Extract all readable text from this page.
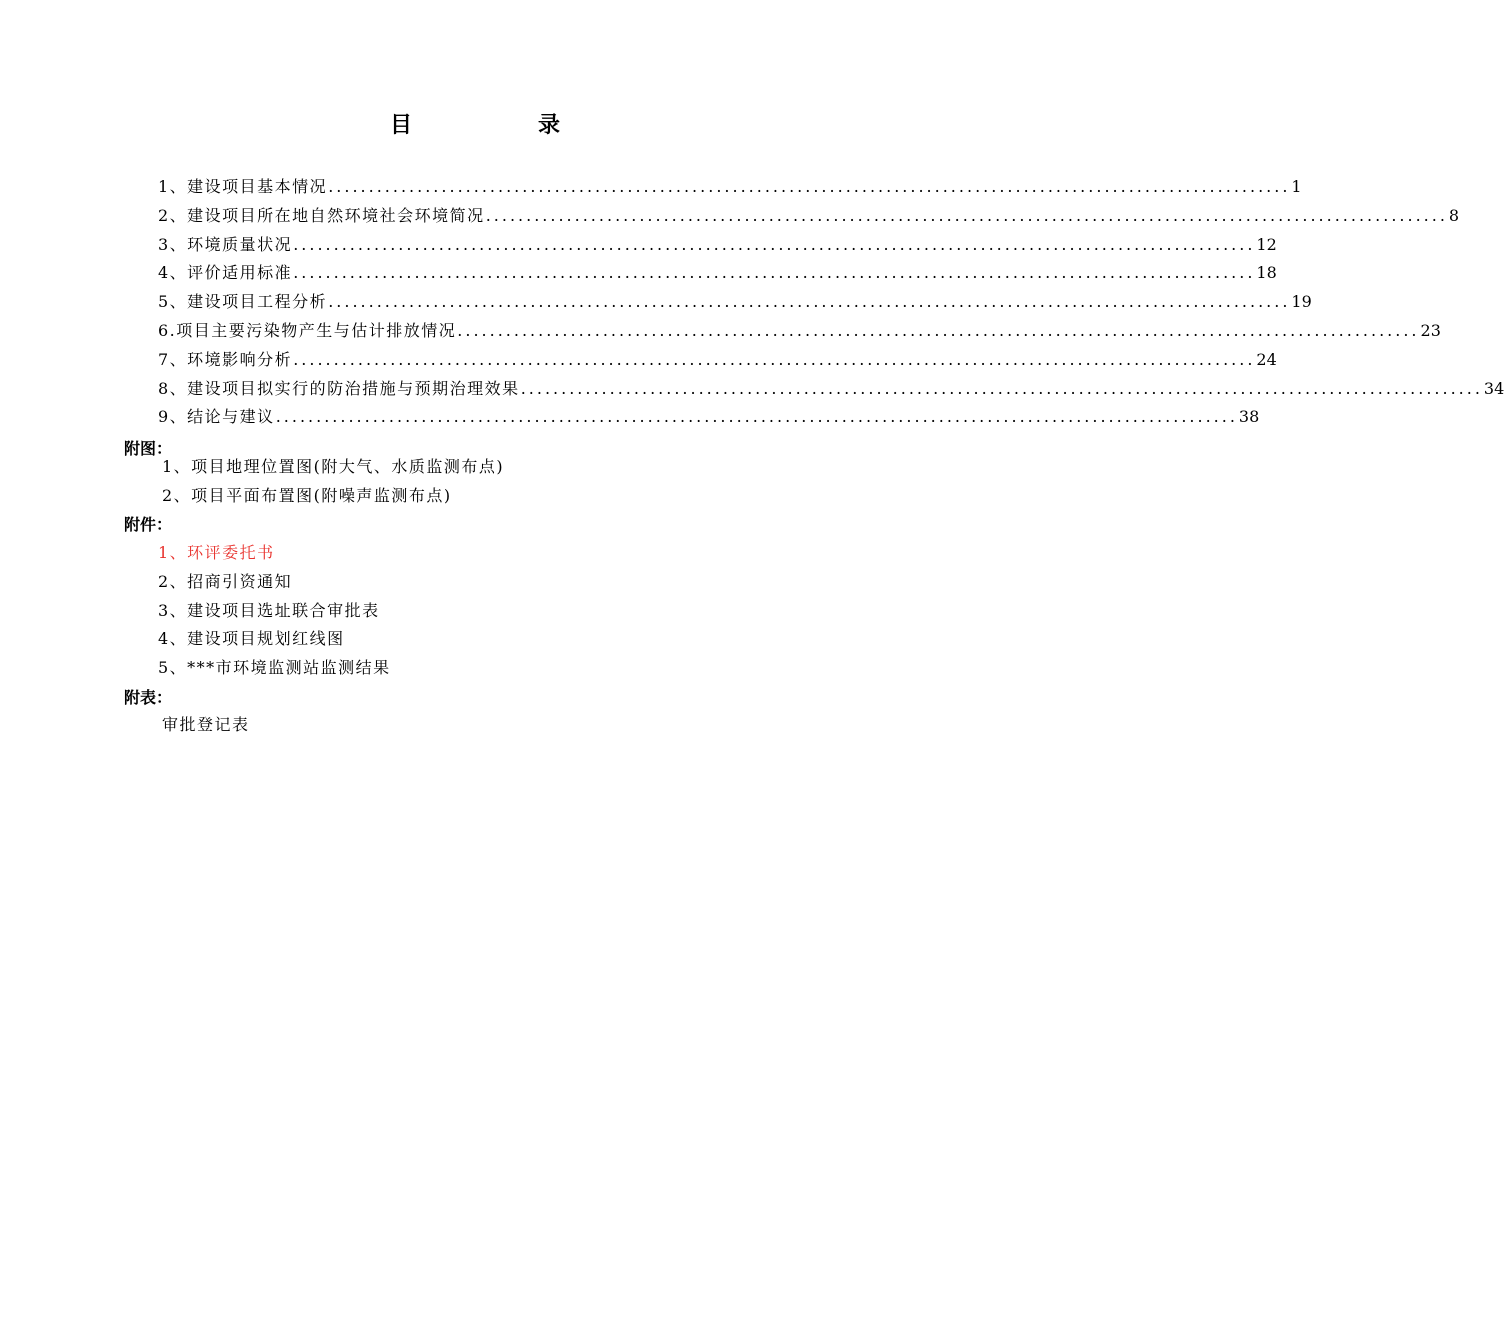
目　录
1、建设项目基本情况 ....................................................................................................................... 1
2、建设项目所在地自然环境社会环境简况 ....................................................................................................................... 8
3、环境质量状况 ....................................................................................................................... 12
4、评价适用标准 ....................................................................................................................... 18
5、建设项目工程分析 ....................................................................................................................... 19
6.项目主要污染物产生与估计排放情况 ....................................................................................................................... 23
7、环境影响分析 ....................................................................................................................... 24
8、建设项目拟实行的防治措施与预期治理效果 ....................................................................................................................... 34
9、结论与建议 ....................................................................................................................... 38
附图：
1、项目地理位置图(附大气、水质监测布点)
2、项目平面布置图(附噪声监测布点)
附件：
1、环评委托书
2、招商引资通知
3、建设项目选址联合审批表
4、建设项目规划红线图
5、***市环境监测站监测结果
附表：
审批登记表
